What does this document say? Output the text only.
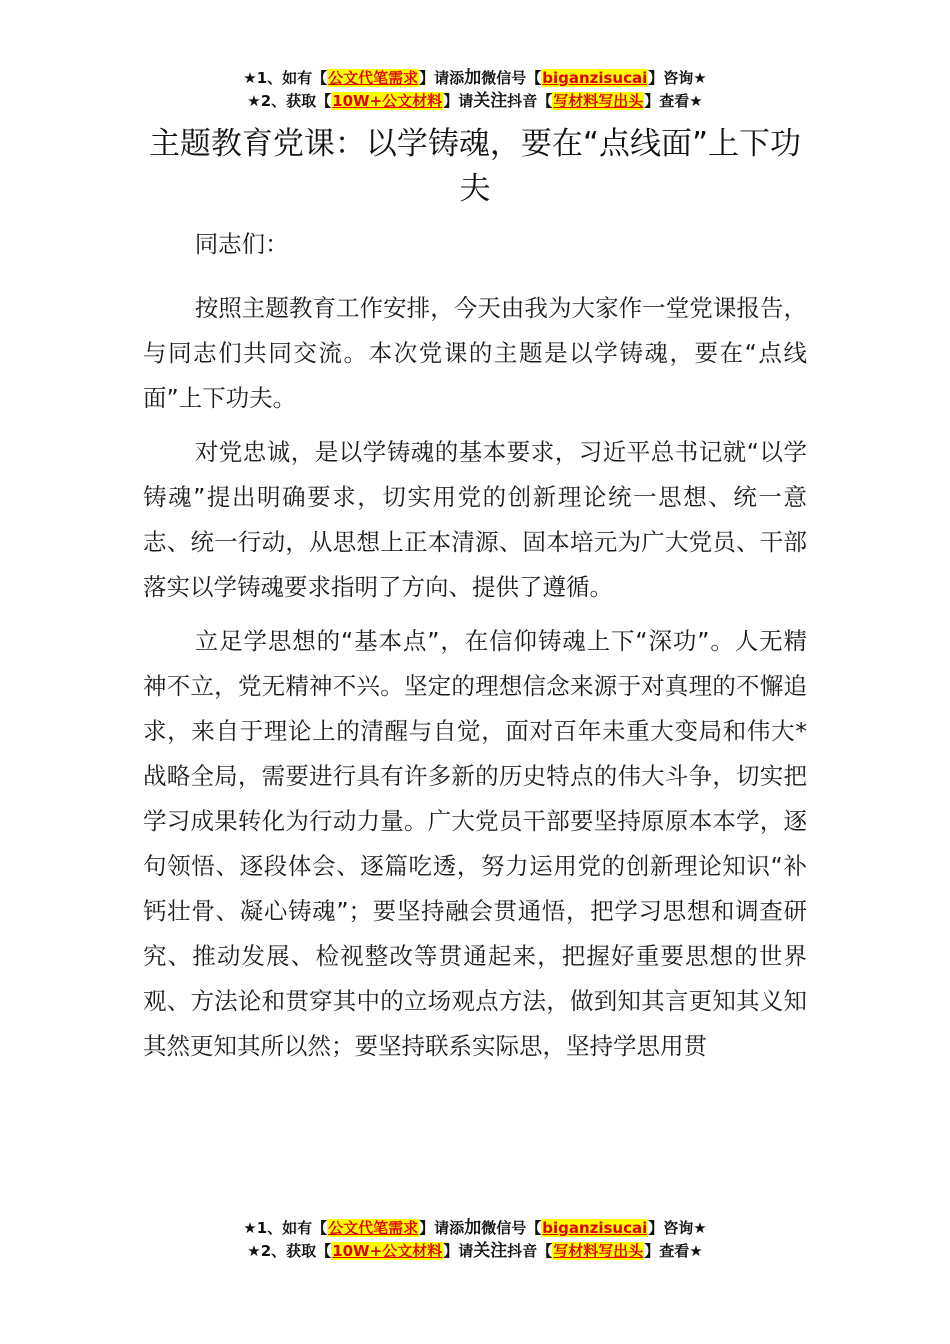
★1、如有【公文代笔需求】请添加微信号【biganzisucai】咨询★
★2、获取【10W+公文材料】请关注抖音【写材料写出头】查看★
主题教育党课：以学铸魂，要在“点线面”上下功夫

同志们：

按照主题教育工作安排，今天由我为大家作一堂党课报告，与同志们共同交流。本次党课的主题是以学铸魂，要在“点线面”上下功夫。

对党忠诚，是以学铸魂的基本要求，习近平总书记就“以学铸魂”提出明确要求，切实用党的创新理论统一思想、统一意志、统一行动，从思想上正本清源、固本培元为广大党员、干部落实以学铸魂要求指明了方向、提供了遵循。

立足学思想的“基本点”，在信仰铸魂上下“深功”。人无精神不立，党无精神不兴。坚定的理想信念来源于对真理的不懈追求，来自于理论上的清醒与自觉，面对百年未重大变局和伟大*战略全局，需要进行具有许多新的历史特点的伟大斗争，切实把学习成果转化为行动力量。广大党员干部要坚持原原本本学，逐句领悟、逐段体会、逐篇吃透，努力运用党的创新理论知识“补钙壮骨、凝心铸魂”；要坚持融会贯通悟，把学习思想和调查研究、推动发展、检视整改等贯通起来，把握好重要思想的世界观、方法论和贯穿其中的立场观点方法，做到知其言更知其义知其然更知其所以然；要坚持联系实际思，坚持学思用贯

★1、如有【公文代笔需求】请添加微信号【biganzisucai】咨询★
★2、获取【10W+公文材料】请关注抖音【写材料写出头】查看★
